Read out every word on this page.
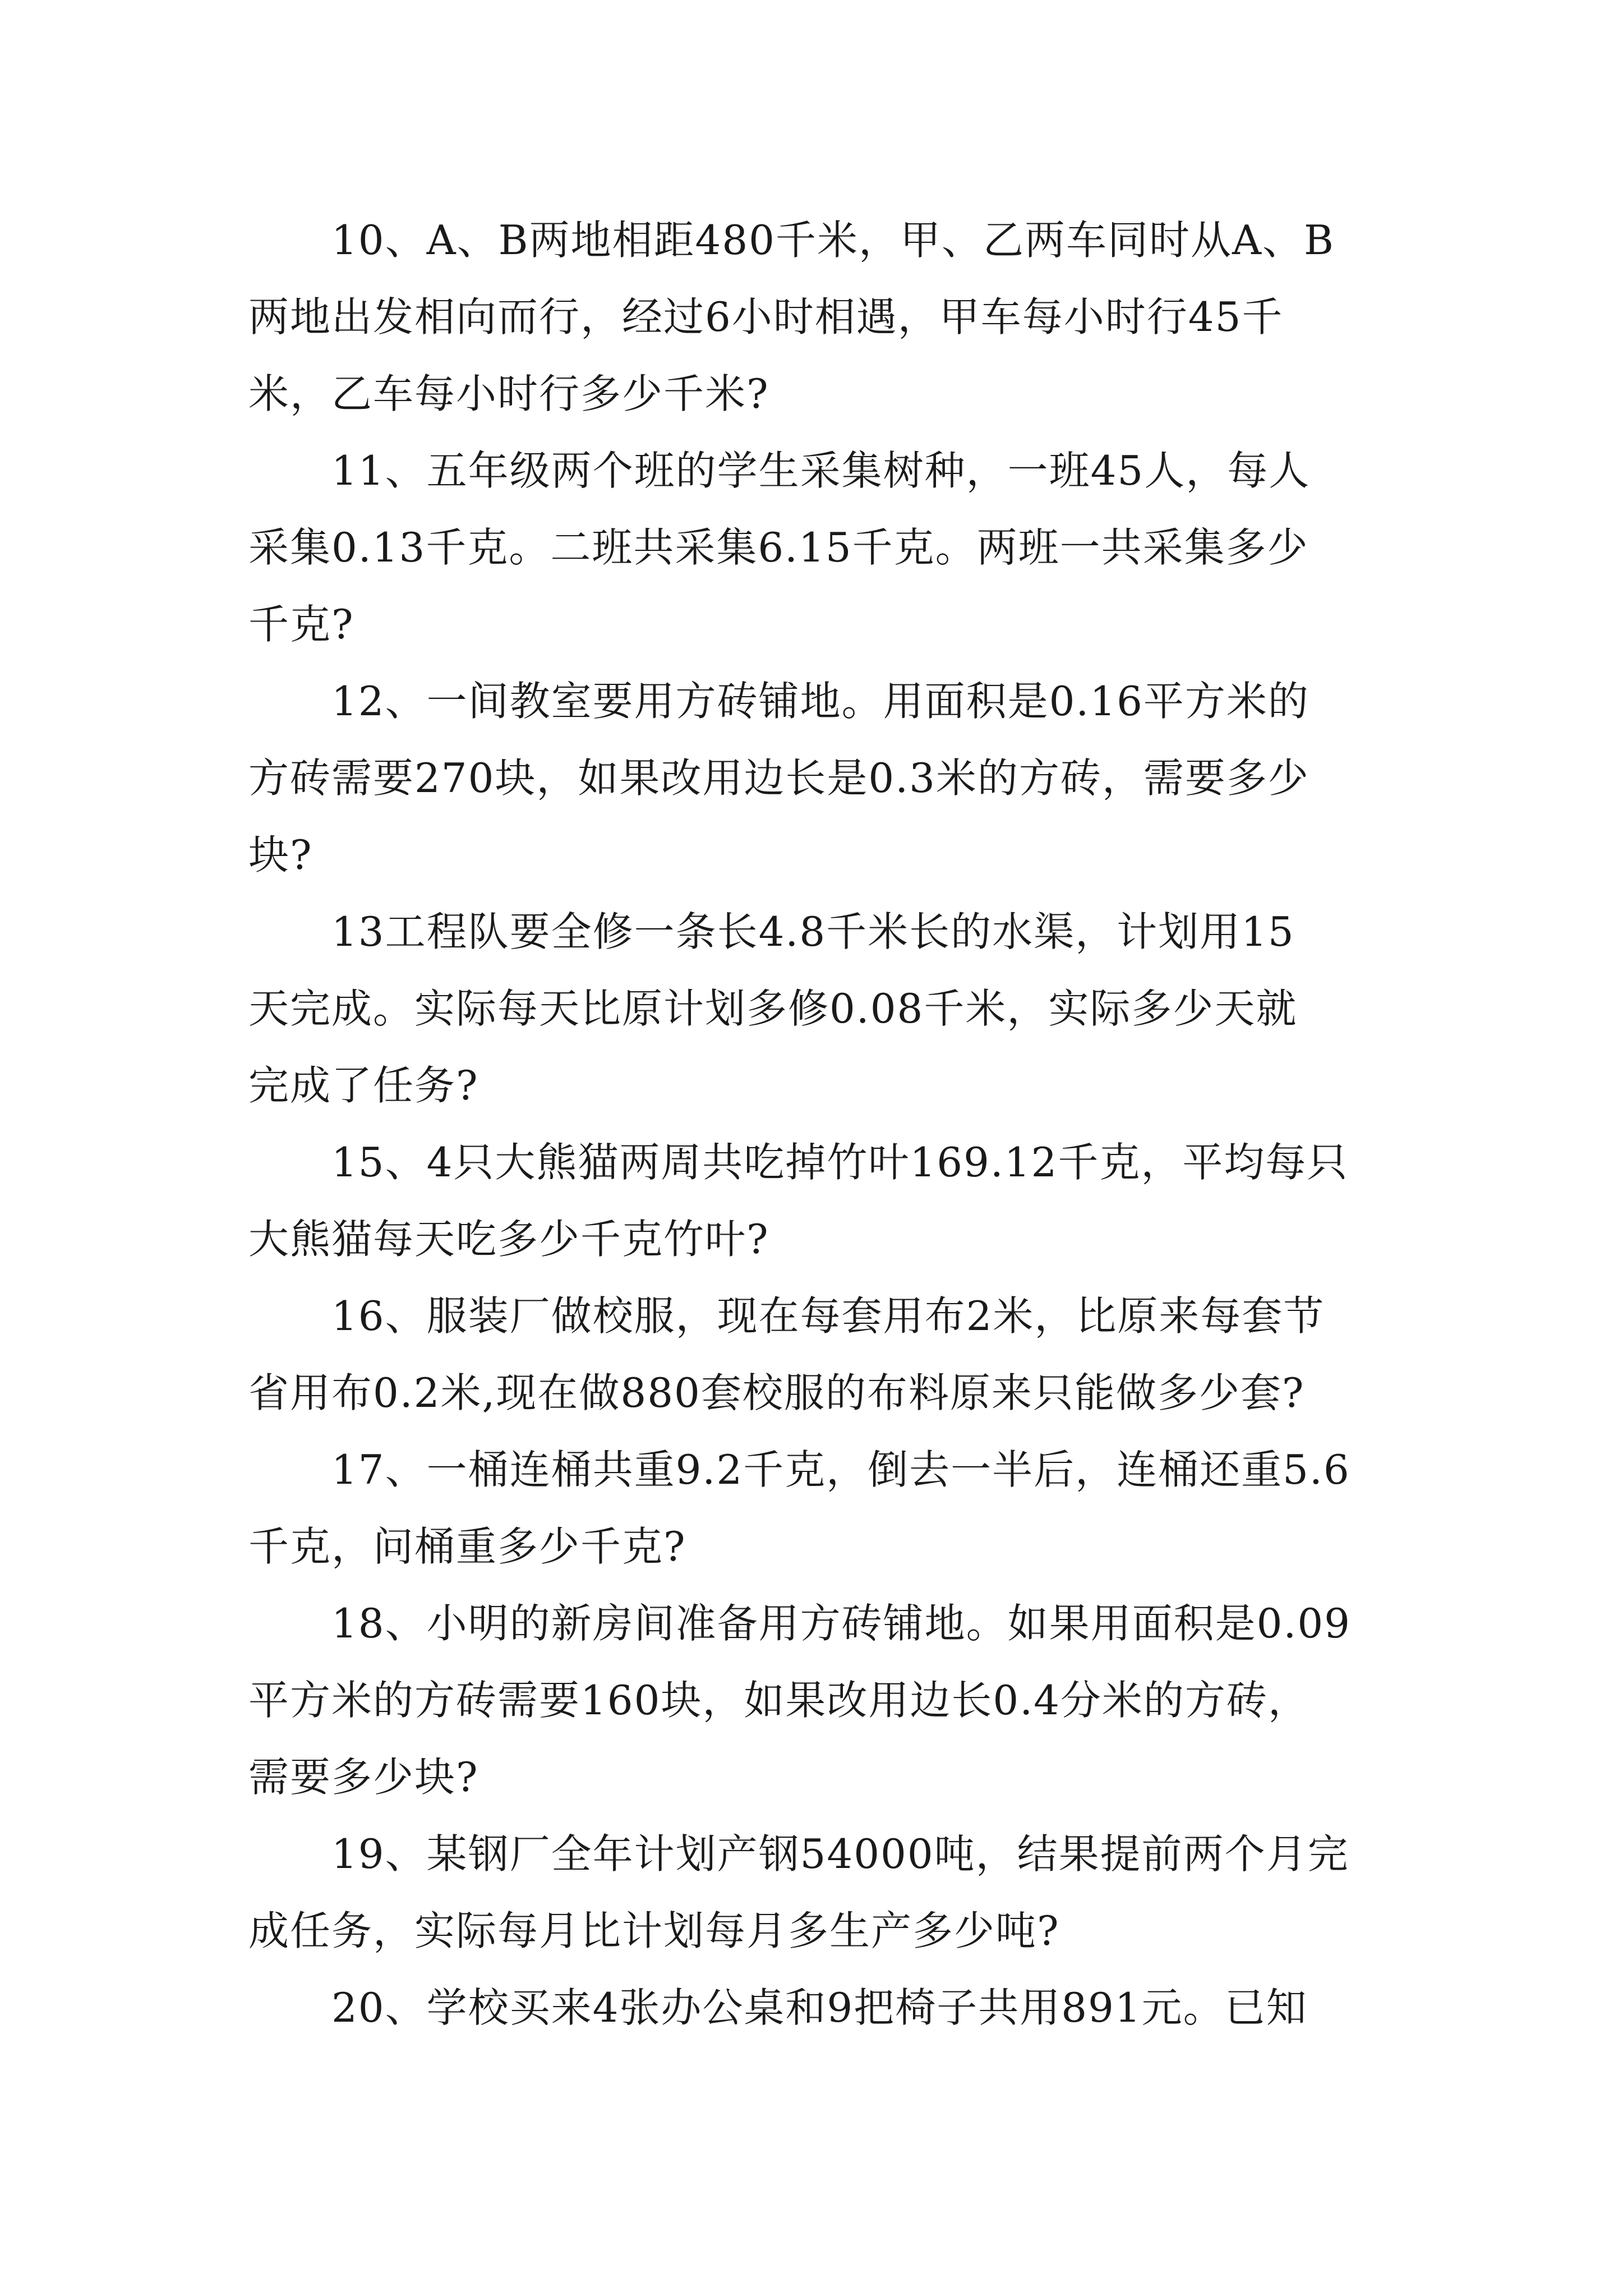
10、A、B两地相距480千米，甲、乙两车同时从A、B
两地出发相向而行，经过6小时相遇，甲车每小时行45千
米，乙车每小时行多少千米?
11、五年级两个班的学生采集树种，一班45人，每人
采集0.13千克。二班共采集6.15千克。两班一共采集多少
千克?
12、一间教室要用方砖铺地。用面积是0.16平方米的
方砖需要270块，如果改用边长是0.3米的方砖，需要多少
块?
13工程队要全修一条长4.8千米长的水渠，计划用15
天完成。实际每天比原计划多修0.08千米，实际多少天就
完成了任务?
15、4只大熊猫两周共吃掉竹叶169.12千克，平均每只
大熊猫每天吃多少千克竹叶?
16、服装厂做校服，现在每套用布2米，比原来每套节
省用布0.2米,现在做880套校服的布料原来只能做多少套?
17、一桶连桶共重9.2千克，倒去一半后，连桶还重5.6
千克，问桶重多少千克?
18、小明的新房间准备用方砖铺地。如果用面积是0.09
平方米的方砖需要160块，如果改用边长0.4分米的方砖，
需要多少块?
19、某钢厂全年计划产钢54000吨，结果提前两个月完
成任务，实际每月比计划每月多生产多少吨?
20、学校买来4张办公桌和9把椅子共用891元。已知
